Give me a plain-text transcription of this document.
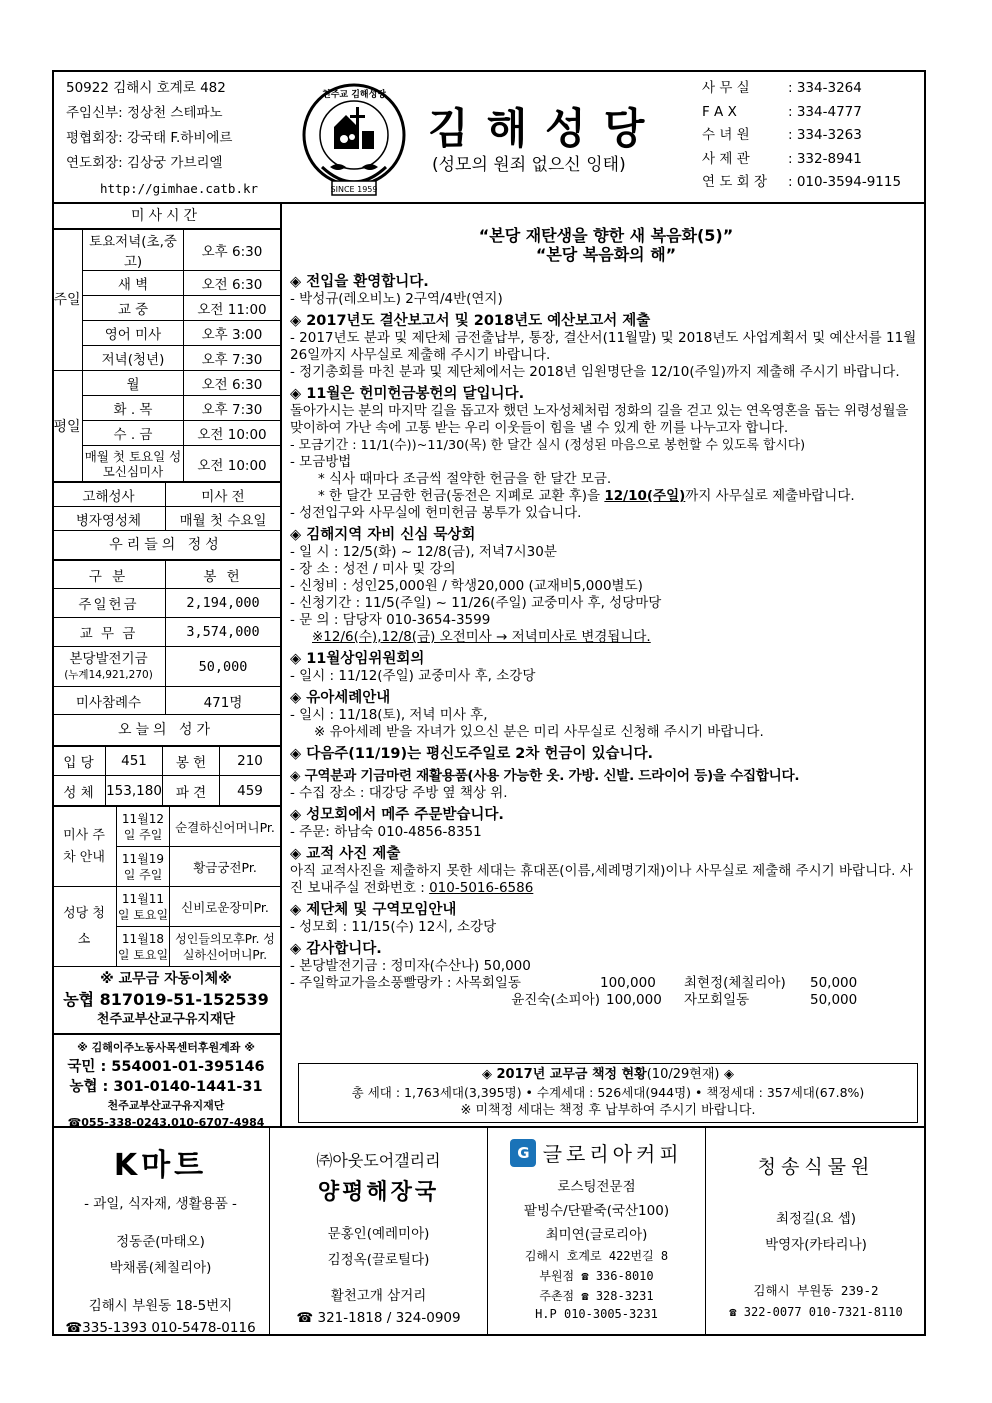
50922 김해시 호계로 482
주임신부: 정상천 스테파노
평협회장: 강국태 F.하비에르
연도회장: 김상궁 가브리엘
http://gimhae.catb.kr	SINCE 1959
천주교 김해성당
김해성당
(성모의 원죄 없으신 잉태)
사 무 실	: 334-3264
F A X	: 334-4777
수 녀 원	: 334-3263
사 제 관	: 332-8941
연 도 회 장 : 010-3594-9115
미사시간
주일	토요저녁(초,중고)	오후 6:30
	새 벽	오전 6:30
	교 중	오전 11:00
	영어 미사	오후 3:00
	저녁(청년)	오후 7:30
평일	월	오전 6:30
	화 . 목	오후 7:30
	수 . 금	오전 10:00
	매월 첫 토요일 성모신심미사	오전 10:00
고해성사	미사 전
병자영성체	매월 첫 수요일
우리들의 정성
구 분	봉 헌
주일헌금	2,194,000
교 무 금	3,574,000

본당발전기금
(누계14,921,270)	50,000
미사참례수	471명
오늘의 성가
입 당	451	봉 헌	210
성 체	153,180	파 견	459
미사 주차 안내	11월12일 주일	순결하신어머니Pr.
	11월19일 주일	황금궁전Pr.
성당 청소	11월11일 토요일	신비로운장미Pr.
	11월18일 토요일	성인들의모후Pr. 성실하신어머니Pr.
※ 교무금 자동이체※
농협 817019-51-152539
천주교부산교구유지재단
※ 김해이주노동사목센터후원계좌 ※
국민 : 554001-01-395146
농협 : 301-0140-1441-31
천주교부산교구유지재단
☎055-338-0243,010-6707-4984
“본당 재탄생을 향한 새 복음화(5)”
“본당 복음화의 해”
◈ 전입을 환영합니다.
- 박성규(레오비노) 2구역/4반(연지)
◈ 2017년도 결산보고서 및 2018년도 예산보고서 제출
- 2017년도 분과 및 제단체 금전출납부, 통장, 결산서(11월말) 및 2018년도 사업계획서 및 예산서를 11월 26일까지 사무실로 제출해 주시기 바랍니다.
- 정기총회를 마친 분과 및 제단체에서는 2018년 임원명단을 12/10(주일)까지 제출해 주시기 바랍니다.
◈ 11월은 헌미헌금봉헌의 달입니다.
돌아가시는 분의 마지막 길을 돕고자 했던 노자성체처럼 정화의 길을 걷고 있는 연옥영혼을 돕는 위령성월을 맞이하여 가난 속에 고통 받는 우리 이웃들이 힘을 낼 수 있게 한 끼를 나누고자 합니다.
- 모금기간 : 11/1(수))~11/30(목) 한 달간 실시 (정성된 마음으로 봉헌할 수 있도록 합시다)
- 모금방법
* 식사 때마다 조금씩 절약한 헌금을 한 달간 모금.
* 한 달간 모금한 헌금(동전은 지폐로 교환 후)을 12/10(주일)까지 사무실로 제출바랍니다.
- 성전입구와 사무실에 헌미헌금 봉투가 있습니다.
◈ 김해지역 자비 신심 묵상회
- 일 시 : 12/5(화) ~ 12/8(금), 저녁7시30분
- 장 소 : 성전 / 미사 및 강의
- 신청비 : 성인25,000원 / 학생20,000 (교재비5,000별도)
- 신청기간 : 11/5(주일) ~ 11/26(주일) 교중미사 후, 성당마당
- 문 의 : 담당자 010-3654-3599
※12/6(수),12/8(금) 오전미사 → 저녁미사로 변경됩니다.
◈ 11월상임위원회의
- 일시 : 11/12(주일) 교중미사 후, 소강당
◈ 유아세례안내
- 일시 : 11/18(토), 저녁 미사 후,
※ 유아세례 받을 자녀가 있으신 분은 미리 사무실로 신청해 주시기 바랍니다.
◈ 다음주(11/19)는 평신도주일로 2차 헌금이 있습니다.
◈ 구역분과 기금마련 재활용품(사용 가능한 옷. 가방. 신발. 드라이어 등)을 수집합니다.
- 수집 장소 : 대강당 주방 옆 책상 위.
◈ 성모회에서 메주 주문받습니다.
- 주문: 하남숙 010-4856-8351
◈ 교적 사진 제출
아직 교적사진을 제출하지 못한 세대는 휴대폰(이름,세례명기재)이나 사무실로 제출해 주시기 바랍니다. 사진 보내주실 전화번호 : 010-5016-6586
◈ 제단체 및 구역모임안내
- 성모회 : 11/15(수) 12시, 소강당
◈ 감사합니다.
- 본당발전기금 : 정미자(수산나) 50,000
- 주일학교가을소풍빨랑카 : 사목회일동	100,000 최현정(체칠리아) 50,000
윤진숙(소피아) 100,000 자모회일동	50,000
◈ 2017년 교무금 책정 현황(10/29현재) ◈
총 세대 : 1,763세대(3,395명) • 수계세대 : 526세대(944명) • 책정세대 : 357세대(67.8%)
※ 미책정 세대는 책정 후 납부하여 주시기 바랍니다.
K마트
- 과일, 식자재, 생활용품 -
정동준(마태오)
박채롬(체칠리아)
김해시 부원동 18-5번지
☎335-1393 010-5478-0116
㈜아웃도어갤리리
양평해장국
문홍인(예레미아)
김정옥(끌로틸다)
활천고개 삼거리
☎ 321-1818 / 324-0909
G 글로리아커피
로스팅전문점
팥빙수/단팥죽(국산100)
최미연(글로리아)
김해시 호계로 422번길 8
부원점 ☎ 336-8010
주촌점 ☎ 328-3231
H.P 010-3005-3231
청송식물원
최정길(요 셉)
박영자(카타리나)
김해시 부원동 239-2
☎ 322-0077 010-7321-8110
